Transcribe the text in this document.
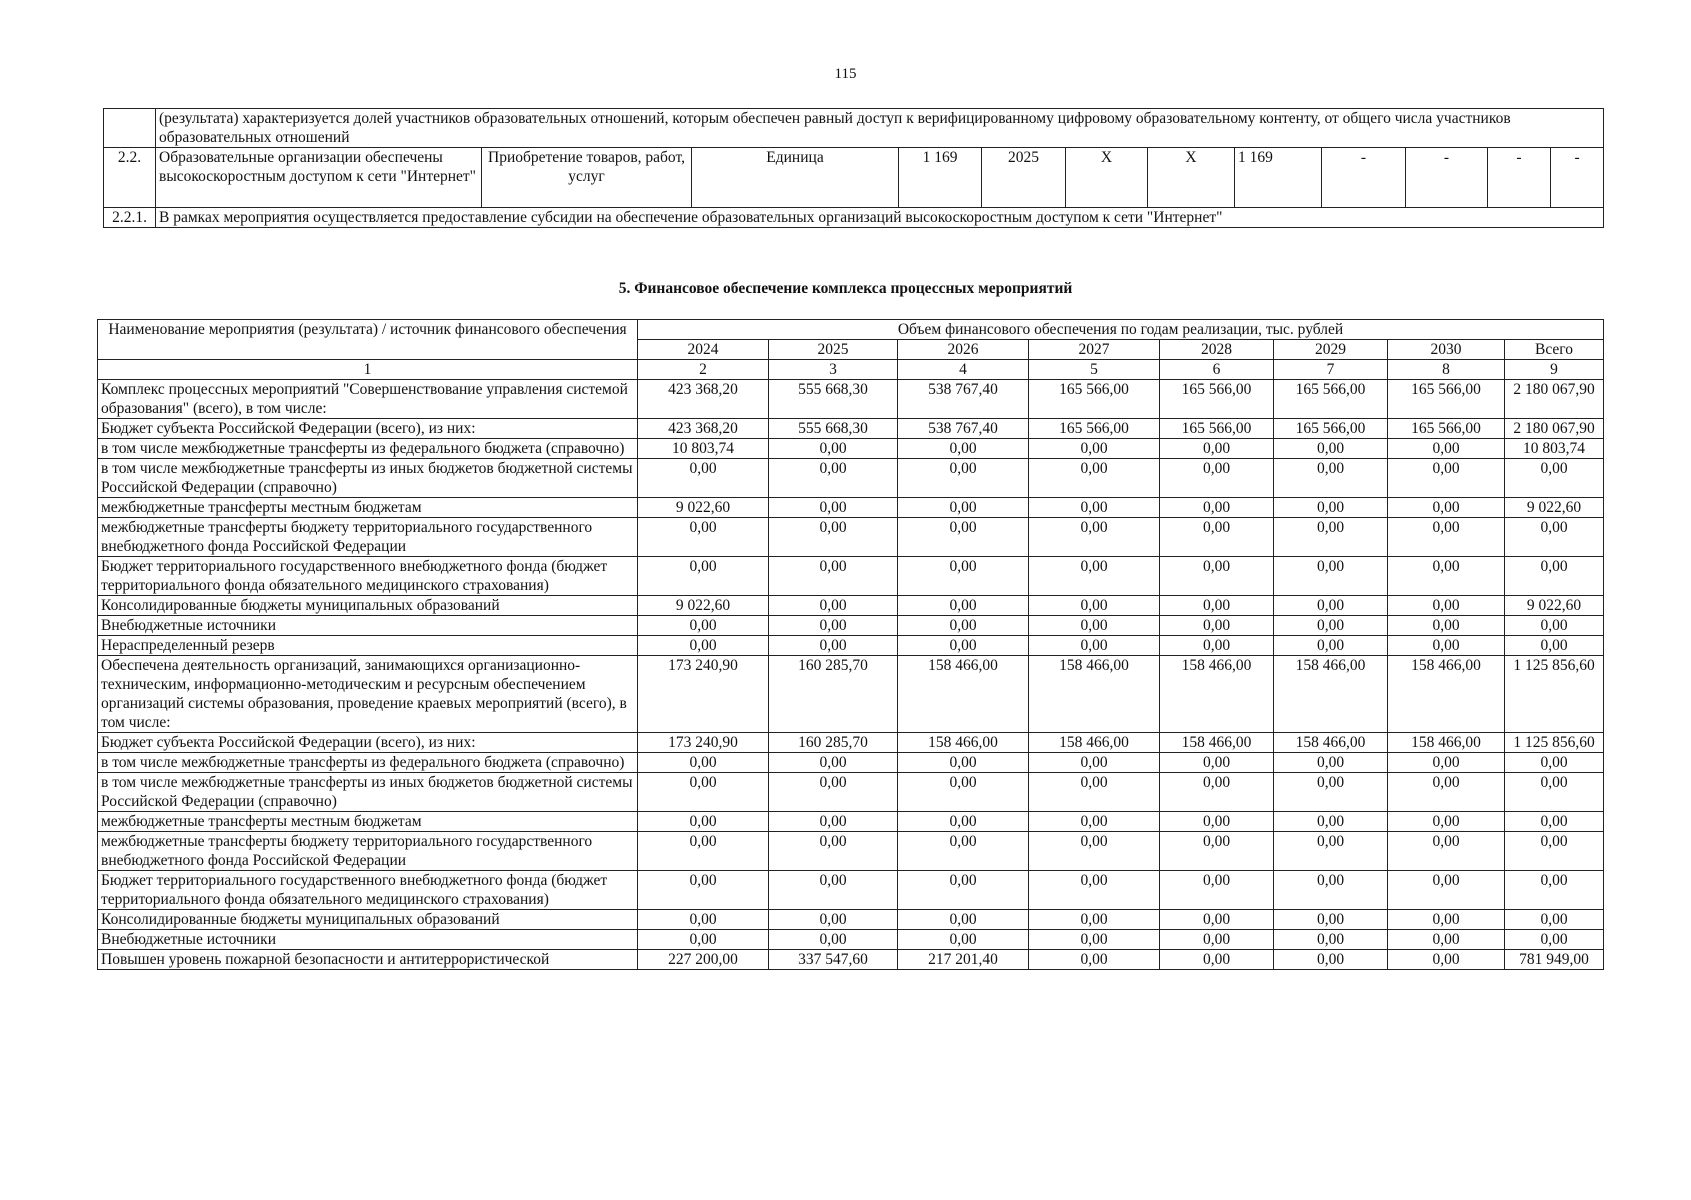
115
	(результата) характеризуется долей участников образовательных отношений, которым обеспечен равный доступ к верифицированному цифровому образовательному контенту, от общего числа участников образовательных отношений											
2.2.	Образовательные организации обеспечены высокоскоростным доступом к сети "Интернет"	Приобретение товаров, работ, услуг	Единица	1 169	2025	Х	Х	1 169	-	-	-	-
2.2.1.	В рамках мероприятия осуществляется предоставление субсидии на обеспечение образовательных организаций высокоскоростным доступом к сети "Интернет"											
5. Финансовое обеспечение комплекса процессных мероприятий
Наименование мероприятия (результата) / источник финансового обеспечения	Объем финансового обеспечения по годам реализации, тыс. рублей							
	2024	2025	2026	2027	2028	2029	2030	Всего
1	2	3	4	5	6	7	8	9
Комплекс процессных мероприятий "Совершенствование управления системой образования" (всего), в том числе:	423 368,20	555 668,30	538 767,40	165 566,00	165 566,00	165 566,00	165 566,00	2 180 067,90
Бюджет субъекта Российской Федерации (всего), из них:	423 368,20	555 668,30	538 767,40	165 566,00	165 566,00	165 566,00	165 566,00	2 180 067,90
в том числе межбюджетные трансферты из федерального бюджета (справочно)	10 803,74	0,00	0,00	0,00	0,00	0,00	0,00	10 803,74
в том числе межбюджетные трансферты из иных бюджетов бюджетной системы Российской Федерации (справочно)	0,00	0,00	0,00	0,00	0,00	0,00	0,00	0,00
межбюджетные трансферты местным бюджетам	9 022,60	0,00	0,00	0,00	0,00	0,00	0,00	9 022,60
межбюджетные трансферты бюджету территориального государственного внебюджетного фонда Российской Федерации	0,00	0,00	0,00	0,00	0,00	0,00	0,00	0,00
Бюджет территориального государственного внебюджетного фонда (бюджет территориального фонда обязательного медицинского страхования)	0,00	0,00	0,00	0,00	0,00	0,00	0,00	0,00
Консолидированные бюджеты муниципальных образований	9 022,60	0,00	0,00	0,00	0,00	0,00	0,00	9 022,60
Внебюджетные источники	0,00	0,00	0,00	0,00	0,00	0,00	0,00	0,00
Нераспределенный резерв	0,00	0,00	0,00	0,00	0,00	0,00	0,00	0,00
Обеспечена деятельность организаций, занимающихся организационно-техническим, информационно-методическим и ресурсным обеспечением организаций системы образования, проведение краевых мероприятий (всего), в том числе:	173 240,90	160 285,70	158 466,00	158 466,00	158 466,00	158 466,00	158 466,00	1 125 856,60
Бюджет субъекта Российской Федерации (всего), из них:	173 240,90	160 285,70	158 466,00	158 466,00	158 466,00	158 466,00	158 466,00	1 125 856,60
в том числе межбюджетные трансферты из федерального бюджета (справочно)	0,00	0,00	0,00	0,00	0,00	0,00	0,00	0,00
в том числе межбюджетные трансферты из иных бюджетов бюджетной системы Российской Федерации (справочно)	0,00	0,00	0,00	0,00	0,00	0,00	0,00	0,00
межбюджетные трансферты местным бюджетам	0,00	0,00	0,00	0,00	0,00	0,00	0,00	0,00
межбюджетные трансферты бюджету территориального государственного внебюджетного фонда Российской Федерации	0,00	0,00	0,00	0,00	0,00	0,00	0,00	0,00
Бюджет территориального государственного внебюджетного фонда (бюджет территориального фонда обязательного медицинского страхования)	0,00	0,00	0,00	0,00	0,00	0,00	0,00	0,00
Консолидированные бюджеты муниципальных образований	0,00	0,00	0,00	0,00	0,00	0,00	0,00	0,00
Внебюджетные источники	0,00	0,00	0,00	0,00	0,00	0,00	0,00	0,00
Повышен уровень пожарной безопасности и антитеррористической	227 200,00	337 547,60	217 201,40	0,00	0,00	0,00	0,00	781 949,00
